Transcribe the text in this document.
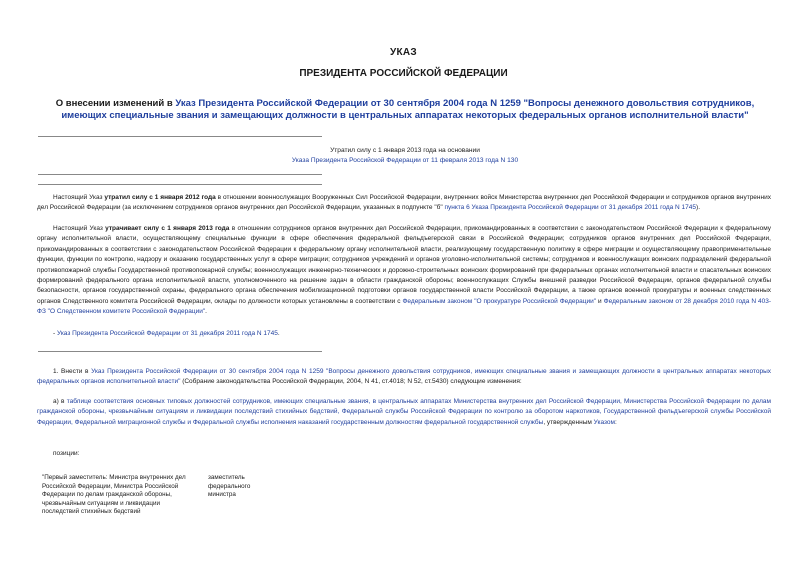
УКАЗ
ПРЕЗИДЕНТА РОССИЙСКОЙ ФЕДЕРАЦИИ
О внесении изменений в Указ Президента Российской Федерации от 30 сентября 2004 года N 1259 "Вопросы денежного довольствия сотрудников, имеющих специальные звания и замещающих должности в центральных аппаратах некоторых федеральных органов исполнительной власти"
Утратил силу с 1 января 2013 года на основании
Указа Президента Российской Федерации от 11 февраля 2013 года N 130
Настоящий Указ утратил силу с 1 января 2012 года в отношении военнослужащих Вооруженных Сил Российской Федерации, внутренних войск Министерства внутренних дел Российской Федерации и сотрудников органов внутренних дел Российской Федерации (за исключением сотрудников органов внутренних дел Российской Федерации, указанных в подпункте "б" пункта 6 Указа Президента Российской Федерации от 31 декабря 2011 года N 1745).
Настоящий Указ утрачивает силу с 1 января 2013 года в отношении сотрудников органов внутренних дел Российской Федерации, прикомандированных в соответствии с законодательством Российской Федерации к федеральному органу исполнительной власти, осуществляющему специальные функции в сфере обеспечения федеральной фельдъегерской связи в Российской Федерации; сотрудников органов внутренних дел Российской Федерации, прикомандированных в соответствии с законодательством Российской Федерации к федеральному органу исполнительной власти, реализующему государственную политику в сфере миграции и осуществляющему правоприменительные функции, функции по контролю, надзору и оказанию государственных услуг в сфере миграции; сотрудников учреждений и органов уголовно-исполнительной системы; сотрудников и военнослужащих воинских подразделений федеральной противопожарной службы Государственной противопожарной службы; военнослужащих инженерно-технических и дорожно-строительных воинских формирований при федеральных органах исполнительной власти и спасательных воинских формирований федерального органа исполнительной власти, уполномоченного на решение задач в области гражданской обороны; военнослужащих Службы внешней разведки Российской Федерации, органов федеральной службы безопасности, органов государственной охраны, федерального органа обеспечения мобилизационной подготовки органов государственной власти Российской Федерации, а также органов военной прокуратуры и военных следственных органов Следственного комитета Российской Федерации, оклады по должности которых установлены в соответствии с Федеральным законом "О прокуратуре Российской Федерации" и Федеральным законом от 28 декабря 2010 года N 403-ФЗ "О Следственном комитете Российской Федерации".
- Указ Президента Российской Федерации от 31 декабря 2011 года N 1745.
1. Внести в Указ Президента Российской Федерации от 30 сентября 2004 года N 1259 "Вопросы денежного довольствия сотрудников, имеющих специальные звания и замещающих должности в центральных аппаратах некоторых федеральных органов исполнительной власти" (Собрание законодательства Российской Федерации, 2004, N 41, ст.4018; N 52, ст.5430) следующие изменения:
а) в таблице соответствия основных типовых должностей сотрудников, имеющих специальные звания, в центральных аппаратах Министерства внутренних дел Российской Федерации, Министерства Российской Федерации по делам гражданской обороны, чрезвычайным ситуациям и ликвидации последствий стихийных бедствий, Федеральной службы Российской Федерации по контролю за оборотом наркотиков, Государственной фельдъегерской службы Российской Федерации, Федеральной миграционной службы и Федеральной службы исполнения наказаний государственным должностям федеральной государственной службы, утвержденным Указом:
позиции:
"Первый заместитель: Министра внутренних дел Российской Федерации, Министра Российской Федерации по делам гражданской обороны, чрезвычайным ситуациям и ликвидации последствий стихийных бедствий
заместитель федерального министра
